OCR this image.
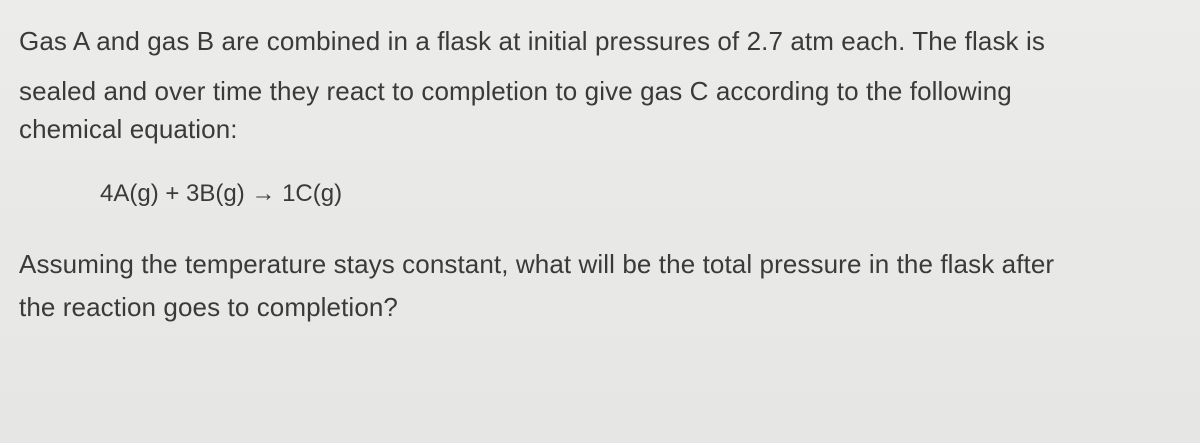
Gas A and gas B are combined in a flask at initial pressures of 2.7 atm each. The flask is
sealed and over time they react to completion to give gas C according to the following
chemical equation:
4A(g) + 3B(g) → 1C(g)
Assuming the temperature stays constant, what will be the total pressure in the flask after
the reaction goes to completion?
